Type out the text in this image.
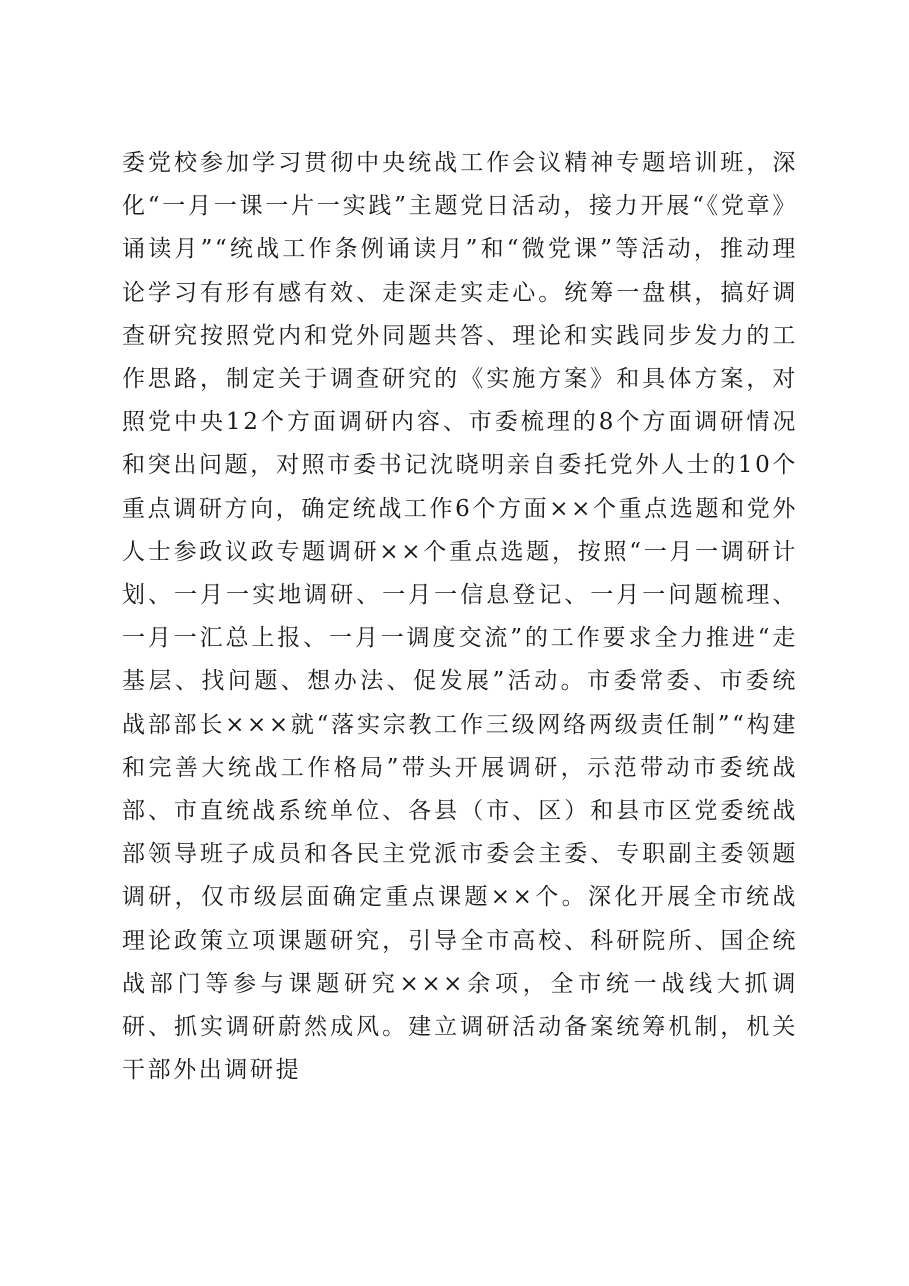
委党校参加学习贯彻中央统战工作会议精神专题培训班，深化“一月一课一片一实践”主题党日活动，接力开展“《党章》诵读月”“统战工作条例诵读月”和“微党课”等活动，推动理论学习有形有感有效、走深走实走心。统筹一盘棋，搞好调查研究按照党内和党外同题共答、理论和实践同步发力的工作思路，制定关于调查研究的《实施方案》和具体方案，对照党中央12个方面调研内容、市委梳理的8个方面调研情况和突出问题，对照市委书记沈晓明亲自委托党外人士的10个重点调研方向，确定统战工作6个方面××个重点选题和党外人士参政议政专题调研××个重点选题，按照“一月一调研计划、一月一实地调研、一月一信息登记、一月一问题梳理、一月一汇总上报、一月一调度交流”的工作要求全力推进“走基层、找问题、想办法、促发展”活动。市委常委、市委统战部部长×××就“落实宗教工作三级网络两级责任制”“构建和完善大统战工作格局”带头开展调研，示范带动市委统战部、市直统战系统单位、各县（市、区）和县市区党委统战部领导班子成员和各民主党派市委会主委、专职副主委领题调研，仅市级层面确定重点课题××个。深化开展全市统战理论政策立项课题研究，引导全市高校、科研院所、国企统战部门等参与课题研究×××余项，全市统一战线大抓调研、抓实调研蔚然成风。建立调研活动备案统筹机制，机关干部外出调研提
